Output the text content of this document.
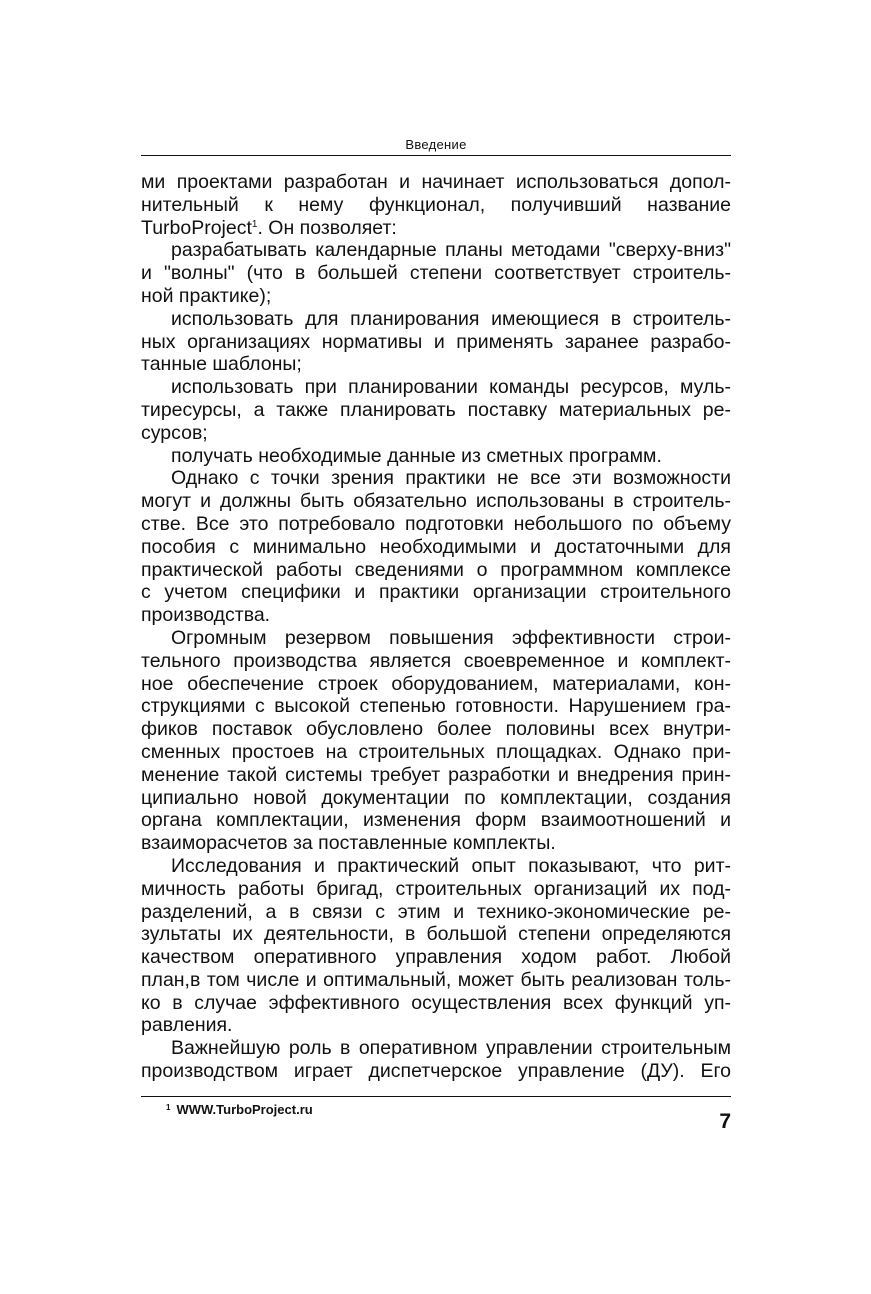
Введение

ми проектами разработан и начинает использоваться допол-
нительный к нему функционал, получивший название
TurboProject$^1$. Он позволяет:

разрабатывать календарные планы методами "сверху-вниз"
и "волны" (что в большей степени соответствует строитель-
ной практике);

использовать для планирования имеющиеся в строитель-
ных организациях нормативы и применять заранее разрабо-
танные шаблоны;

использовать при планировании команды ресурсов, муль-
тиресурсы, а также планировать поставку материальных ре-
сурсов;

получать необходимые данные из сметных программ.

Однако с точки зрения практики не все эти возможности
могут и должны быть обязательно использованы в строитель-
стве. Все это потребовало подготовки небольшого по объему
пособия с минимально необходимыми и достаточными для
практической работы сведениями о программном комплексе
с учетом специфики и практики организации строительного
производства.

Огромным резервом повышения эффективности строи-
тельного производства является своевременное и комплект-
ное обеспечение строек оборудованием, материалами, кон-
струкциями с высокой степенью готовности. Нарушением гра-
фиков поставок обусловлено более половины всех внутри-
сменных простоев на строительных площадках. Однако при-
менение такой системы требует разработки и внедрения прин-
ципиально новой документации по комплектации, создания
органа комплектации, изменения форм взаимоотношений и
взаиморасчетов за поставленные комплекты.

Исследования и практический опыт показывают, что рит-
мичность работы бригад, строительных организаций их под-
разделений, а в связи с этим и технико-экономические ре-
зультаты их деятельности, в большой степени определяются
качеством оперативного управления ходом работ. Любой
план,в том числе и оптимальный, может быть реализован толь-
ко в случае эффективного осуществления всех функций уп-
равления.

Важнейшую роль в оперативном управлении строительным
производством играет диспетчерское управление (ДУ). Его

$^1$ WWW.TurboProject.ru
7
